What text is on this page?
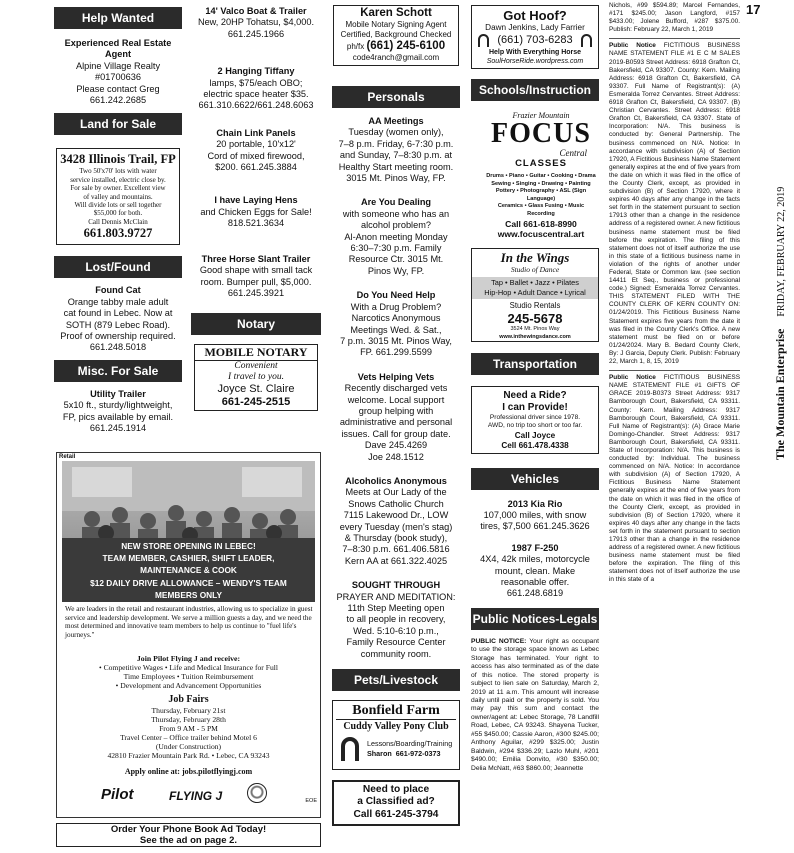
Help Wanted
Experienced Real Estate Agent
Alpine Village Realty
#01700636
Please contact Greg
661.242.2685
Land for Sale
3428 Illinois Trail, FP
Two 50'x70' lots with water
service installed, electric close by.
For sale by owner. Excellent view
of valley and mountains.
Will divide lots or sell together
$55,000 for both.
Call Dennis McClain
661.803.9727
Lost/Found
Found Cat
Orange tabby male adult
cat found in Lebec. Now at
SOTH (879 Lebec Road).
Proof of ownership required.
661.248.5018
Misc. For Sale
Utility Trailer
5x10 ft., sturdy/lightweight,
FP, pics available by email.
661.245.1914
14' Valco Boat & Trailer
New, 20HP Tohatsu, $4,000.
661.245.1966
2 Hanging Tiffany
lamps, $75/each OBO;
electric space heater $35.
661.310.6622/661.248.6063
Chain Link Panels
20 portable, 10'x12'
Cord of mixed firewood,
$200. 661.245.3884
I have Laying Hens
and Chicken Eggs for Sale!
818.521.3634
Three Horse Slant Trailer
Good shape with small tack
room. Bumper pull, $5,000.
661.245.3921
Notary
MOBILE NOTARY
Convenient
I travel to you.
Joyce St. Claire
661-245-2515
Retail
NEW STORE OPENING IN LEBEC!
TEAM MEMBER, CASHIER, SHIFT LEADER,
MAINTENANCE & COOK
$12 DAILY DRIVE ALLOWANCE – WENDY'S TEAM
MEMBERS ONLY
We are leaders in the retail and restaurant industries, allowing us to specialize in guest service and leadership development. We serve a million guests a day, and we need the most determined and innovative team members to help us continue to "fuel life's journeys."
Join Pilot Flying J and receive:
• Competitive Wages • Life and Medical Insurance for Full
Time Employees • Tuition Reimbursement
• Development and Advancement Opportunities
Job Fairs
Thursday, February 21st
Thursday, February 28th
From 9 AM - 5 PM
Travel Center – Office trailer behind Motel 6
(Under Construction)
42810 Frazier Mountain Park Rd. • Lebec, CA 93243
Apply online at: jobs.pilotflyingj.com
Pilot	FLYING J	EOE
Order Your Phone Book Ad Today!
See the ad on page 2.
Karen Schott
Mobile Notary Signing Agent
Certified, Background Checked
ph/fx (661) 245-6100
code4ranch@gmail.com
Personals
AA Meetings
Tuesday (women only),
7–8 p.m. Friday, 6-7:30 p.m.
and Sunday, 7–8:30 p.m. at
Healthy Start meeting room.
3015 Mt. Pinos Way, FP.
Are You Dealing
with someone who has an
alcohol problem?
Al-Anon meeting Monday
6:30–7:30 p.m. Family
Resource Ctr. 3015 Mt.
Pinos Wy, FP.
Do You Need Help
With a Drug Problem?
Narcotics Anonymous
Meetings Wed. & Sat.,
7 p.m. 3015 Mt. Pinos Way,
FP. 661.299.5599
Vets Helping Vets
Recently discharged vets
welcome. Local support
group helping with
administrative and personal
issues. Call for group date.
Dave 245.4269
Joe 248.1512
Alcoholics Anonymous
Meets at Our Lady of the
Snows Catholic Church
7115 Lakewood Dr., LOW
every Tuesday (men's stag)
& Thursday (book study),
7–8:30 p.m. 661.406.5816
Kern AA at 661.322.4025
SOUGHT THROUGH
PRAYER AND MEDITATION:
11th Step Meeting open
to all people in recovery,
Wed. 5:10-6:10 p.m.,
Family Resource Center
community room.
Pets/Livestock
Bonfield Farm
Cuddy Valley Pony Club
Lessons/Boarding/Training
Sharon 661-972-0373
Need to place
a Classified ad?
Call 661-245-3794
Got Hoof?
Dawn Jenkins, Lady Farrier
(661) 703-6283
Help With Everything Horse
SoulHorseRide.wordpress.com
Schools/Instruction
Frazier Mountain
FOCUS
Central
CLASSES
Drums • Piano • Guitar • Cooking • Drama
Sewing • Singing • Drawing • Painting
Pottery • Photography • ASL (Sign Language)
Ceramics • Glass Fusing • Music Recording
Call 661-618-8990
www.focuscentral.art
In the Wings
Studio of Dance
Tap • Ballet • Jazz • Pilates
Hip-Hop • Adult Dance • Lyrical
Studio Rentals
245-5678
3524 Mt. Pinos Way
www.inthewingsdance.com
Transportation
Need a Ride?
I can Provide!
Professional driver since 1978.
AWD, no trip too short or too far.
Call Joyce
Cell 661.478.4338
Vehicles
2013 Kia Rio
107,000 miles, with snow
tires, $7,500 661.245.3626
1987 F-250
4X4, 42k miles, motorcycle
mount, clean. Make
reasonable offer.
661.248.6819
Public Notices-Legals
PUBLIC NOTICE: Your right as occupant to use the storage space known as Lebec Storage has terminated. Your right to access has also terminated as of the date of this notice. The stored property is subject to lien sale on Saturday, March 2, 2019 at 11 a.m. This amount will increase daily until paid or the property is sold. You may pay this sum and contact the owner/agent at: Lebec Storage, 78 Landfill Road, Lebec, CA 93243. Shayena Tucker, #55 $450.00; Cassie Aaron, #300 $245.00; Anthony Aguilar, #299 $325.00; Justin Baldwin, #294 $336.29; Lazlo Muhl, #201 $490.00; Emilia Donvito, #30 $350.00; Delia McNatt, #63 $860.00; Jeannette
Nichols, #99 $594.89; Marcel Fernandes, #171 $245.00; Jason Langford, #157 $433.00; Jolene Bufford, #287 $375.00. Publish: February 22, March 1, 2019
Public Notice FICTITIOUS BUSINESS NAME STATEMENT FILE #1 E C M SALES 2019-B0593 Street Address: 6918 Grafton Ct, Bakersfield, CA 93307. County: Kern. Mailing Address: 6918 Grafton Ct, Bakersfield, CA 93307. Full Name of Registrant(s): (A) Esmeralda Torrez Cervantes. Street Address: 6918 Grafton Ct, Bakersfield, CA 93307. (B) Christian Cervantes. Street Address: 6918 Grafton Ct, Bakersfield, CA 93307. State of Incorporation: N/A. This business is conducted by: General Partnership. The business commenced on N/A. Notice: In accordance with subdivision (A) of Section 17920, A Fictitious Business Name Statement generally expires at the end of five years from the date on which it was filed in the office of the County Clerk, except, as provided in subdivision (B) of Section 17920, where it expires 40 days after any change in the facts set forth in the statement pursuant to section 17913 other than a change in the residence address of a registered owner. A new fictitious business name statement must be filed before the expiration. The filing of this statement does not of itself authorize the use in this state of a fictitious business name in violation of the rights of another under Federal, State or Common law. (see section 14411 Et Seq., business or professional code.) Signed: Esmeralda Torrez Cervantes. THIS STATEMENT FILED WITH THE COUNTY CLERK OF KERN COUNTY ON: 01/24/2019. This Fictitious Business Name Statement expires five years from the date it was filed in the County Clerk's Office. A new statement must be filed on or before 01/24/2024. Mary B. Bedard County Clerk, By: J Garcia, Deputy Clerk. Publish: February 22, March 1, 8, 15, 2019
Public Notice FICTITIOUS BUSINESS NAME STATEMENT FILE #1 GIFTS OF GRACE 2019-B0373 Street Address: 9317 Bamborough Court, Bakersfield, CA 93311. County: Kern. Mailing Address: 9317 Bamborough Court, Bakersfield, CA 93311. Full Name of Registrant(s): (A) Grace Marie Domingo-Chandler. Street Address: 9317 Bamborough Court, Bakersfield, CA 93311. State of Incorporation: N/A. This business is conducted by: Individual. The business commenced on N/A. Notice: In accordance with subdivision (A) of Section 17920, A Fictitious Business Name Statement generally expires at the end of five years from the date on which it was filed in the office of the County Clerk, except, as provided in subdivision (B) of Section 17920, where it expires 40 days after any change in the facts set forth in the statement pursuant to section 17913 other than a change in the residence address of a registered owner. A new fictitious business name statement must be filed before the expiration. The filing of this statement does not of itself authorize the use in this state of a
17
The Mountain Enterprise   FRIDAY, FEBRUARY 22, 2019
